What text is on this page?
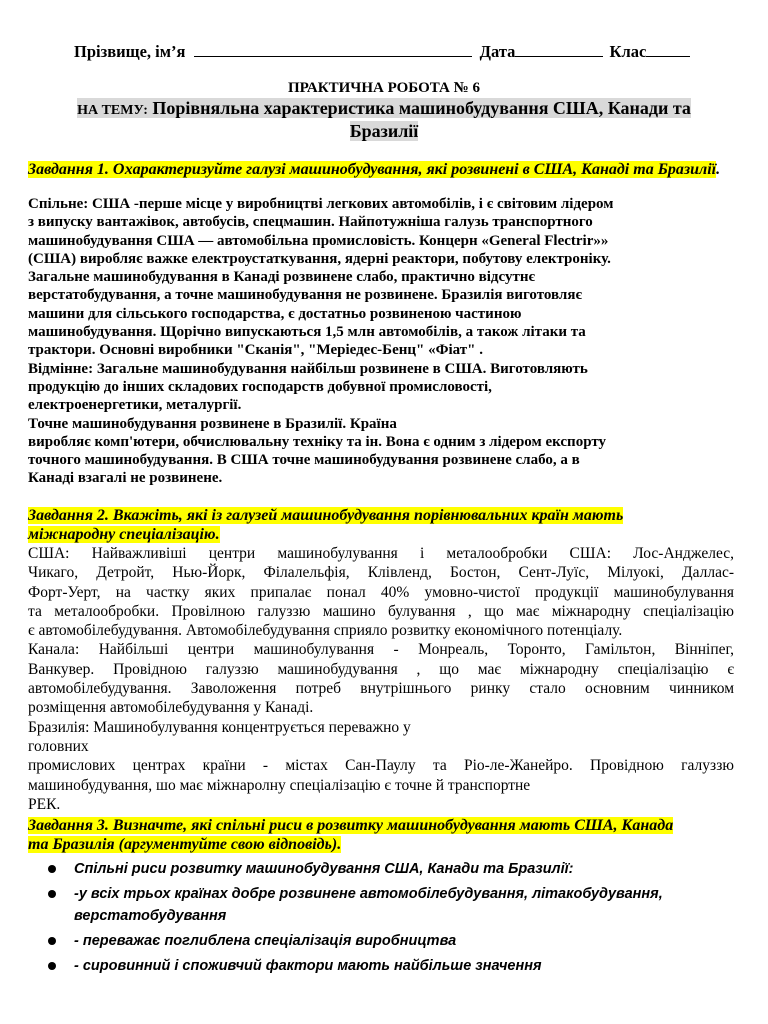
Прізвище, ім’я	Дата	Клас
ПРАКТИЧНА РОБОТА № 6
НА ТЕМУ: Порівняльна характеристика машинобудування США, Канади та
Бразилії
Завдання 1. Охарактеризуйте галузі машинобудування, які розвинені в США, Канаді та Бразилії.

Спільне: США -перше місце у виробництві легкових автомобілів, і є світовим лідером

з випуску вантажівок, автобусів, спецмашин. Найпотужніша галузь транспортного

машинобудування США — автомобільна промисловість. Концерн «General Flectrir»»

(США) виробляє важке електроустаткування, ядерні реактори, побутову електроніку.

Загальне машинобудування в Канаді розвинене слабо, практично відсутнє

верстатобудування, а точне машинобудування не розвинене. Бразилія виготовляє

машини для сільського господарства, є достатньо розвиненою частиною

машинобудування. Щорічно випускаються 1,5 млн автомобілів, а також літаки та

трактори. Основні виробники "Сканія", "Меріедес-Бенц" «Фіат" .

Відмінне: Загальне машинобудування найбільш розвинене в США. Виготовляють

продукцію до інших складових господарств добувної промисловості,

електроенергетики, металургії.

Точне машинобудування розвинене в Бразилії. Країна

виробляє комп'ютери, обчислювальну техніку та ін. Вона є одним з лідером експорту

точного машинобудування. В США точне машинобудування розвинене слабо, а в

Канаді взагалі не розвинене.

Завдання 2. Вкажіть, які із галузей машинобудування порівнювальних країн мають
міжнародну спеціалізацію.

США: Найважливіші центри машинобулування і металообробки США: Лос-Анджелес,

Чикаго, Детройт, Нью-Йорк, Філалельфія, Клівленд, Бостон, Сент-Луїс, Мілуокі, Даллас-

Форт-Уерт, на частку яких припалає понал 40% умовно-чистої продукції машинобулування

та металообробки. Провілною галуззю машино булування , що має міжнародну спеціалізацію

є автомобілебудування. Автомобілебудування сприяло розвитку економічного потенціалу.

Канала: Найбільші центри машинобулування - Монреаль, Торонто, Гамільтон, Вінніпег,

Ванкувер. Провідною галуззю машинобудування , що має міжнародну спеціалізацію є

автомобілебудування. Заволоження потреб внутрішнього ринку стало основним чинником

розміщення автомобілебудування у Канаді.

Бразилія: Машинобулування концентрується переважно у

головних

промислових центрах країни - містах Сан-Паулу та Ріо-ле-Жанейро. Провідною галуззю

машинобудування, шо має міжнаролну спеціалізацію є точне й транспортне

РЕК.

Завдання 3. Визначте, які спільні риси в розвитку машинобудування мають США, Канада
та Бразилія (аргументуйте свою відповідь).
Спільні риси розвитку машинобудування США, Канади та Бразилії:
-у всіх трьох країнах добре розвинене автомобілебудування, літакобудування, верстатобудування
- переважає поглиблена спеціалізація виробництва
- сировинний і споживчий фактори мають найбільше значення
